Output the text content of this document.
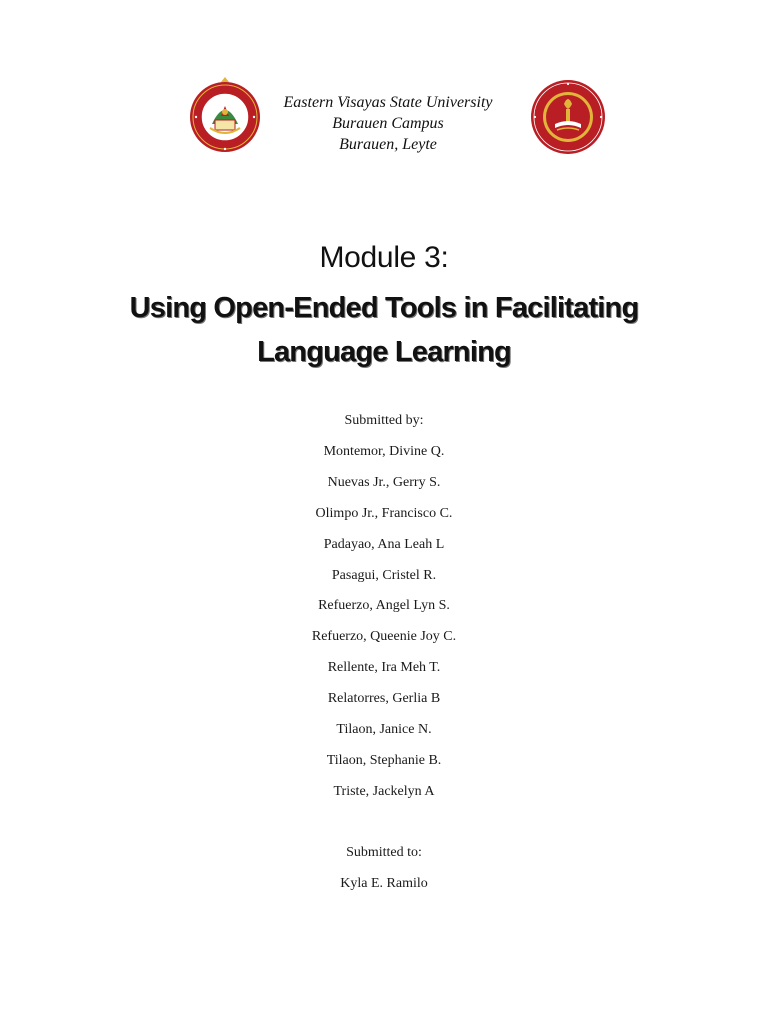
Eastern Visayas State University
Burauen Campus
Burauen, Leyte
Module 3:
Using Open-Ended Tools in Facilitating
Language Learning
Submitted by:
Montemor, Divine Q.
Nuevas Jr., Gerry S.
Olimpo Jr., Francisco C.
Padayao, Ana Leah L
Pasagui, Cristel R.
Refuerzo, Angel Lyn S.
Refuerzo, Queenie Joy C.
Rellente, Ira Meh T.
Relatorres, Gerlia B
Tilaon, Janice N.
Tilaon, Stephanie B.
Triste, Jackelyn A
Submitted to:
Kyla E. Ramilo
